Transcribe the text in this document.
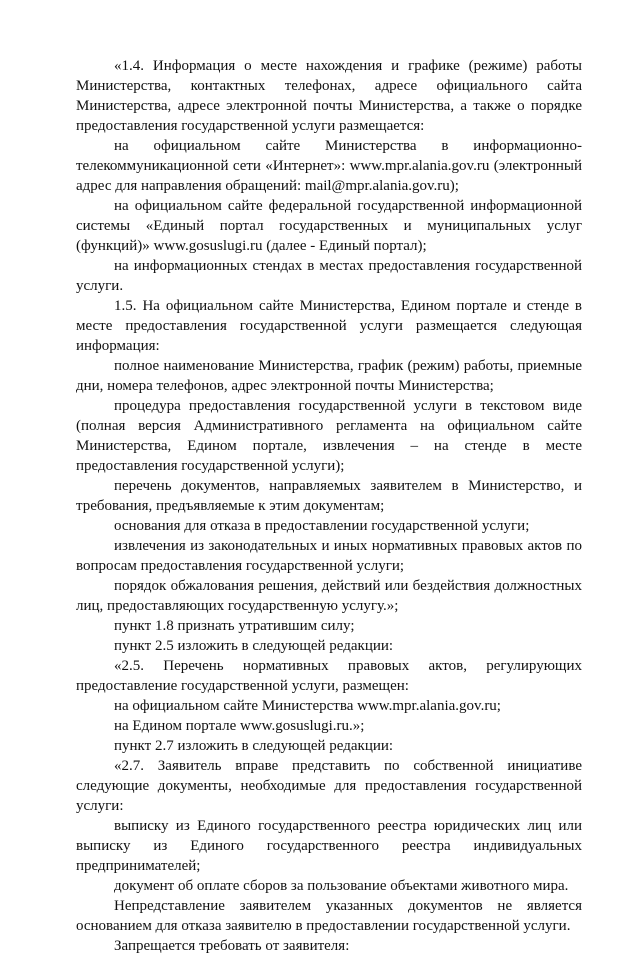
«1.4. Информация о месте нахождения и графике (режиме) работы Министерства, контактных телефонах, адресе официального сайта Министерства, адресе электронной почты Министерства, а также о порядке предоставления государственной услуги размещается:

на официальном сайте Министерства в информационно-телекоммуникационной сети «Интернет»: www.mpr.alania.gov.ru (электронный адрес для направления обращений: mail@mpr.alania.gov.ru);

на официальном сайте федеральной государственной информационной системы «Единый портал государственных и муниципальных услуг (функций)» www.gosuslugi.ru (далее - Единый портал);

на информационных стендах в местах предоставления государственной услуги.

1.5. На официальном сайте Министерства, Едином портале и стенде в месте предоставления государственной услуги размещается следующая информация:

полное наименование Министерства, график (режим) работы, приемные дни, номера телефонов, адрес электронной почты Министерства;

процедура предоставления государственной услуги в текстовом виде (полная версия Административного регламента на официальном сайте Министерства, Едином портале, извлечения – на стенде в месте предоставления государственной услуги);

перечень документов, направляемых заявителем в Министерство, и требования, предъявляемые к этим документам;

основания для отказа в предоставлении государственной услуги;

извлечения из законодательных и иных нормативных правовых актов по вопросам предоставления государственной услуги;

порядок обжалования решения, действий или бездействия должностных лиц, предоставляющих государственную услугу.»;

пункт 1.8 признать утратившим силу;

пункт 2.5 изложить в следующей редакции:

«2.5. Перечень нормативных правовых актов, регулирующих предоставление государственной услуги, размещен:

на официальном сайте Министерства www.mpr.alania.gov.ru;

на Едином портале www.gosuslugi.ru.»;

пункт 2.7 изложить в следующей редакции:

«2.7. Заявитель вправе представить по собственной инициативе следующие документы, необходимые для предоставления государственной услуги:

выписку из Единого государственного реестра юридических лиц или выписку из Единого государственного реестра индивидуальных предпринимателей;

документ об оплате сборов за пользование объектами животного мира.

Непредставление заявителем указанных документов не является основанием для отказа заявителю в предоставлении государственной услуги.

Запрещается требовать от заявителя:
